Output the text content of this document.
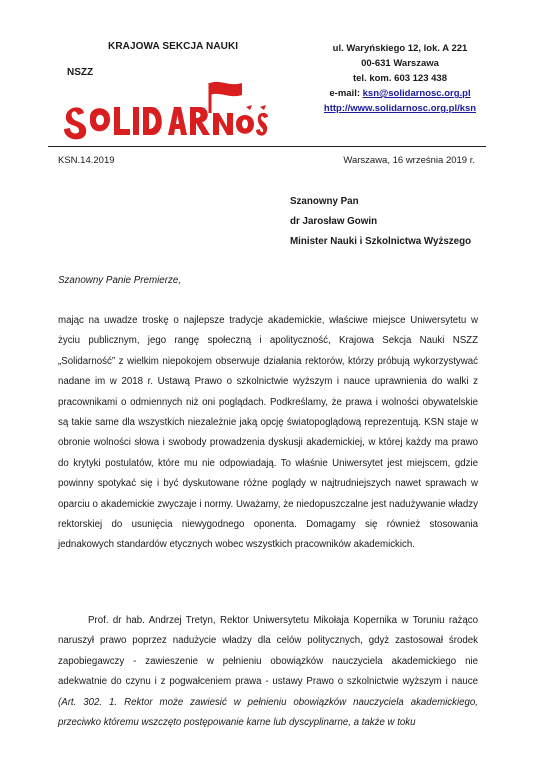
KRAJOWA SEKCJA NAUKI
NSZZ
ul. Waryńskiego 12, lok. A 221
00-631 Warszawa
tel. kom. 603 123 438
e-mail: ksn@solidarnosc.org.pl
http://www.solidarnosc.org.pl/ksn
KSN.14.2019	Warszawa, 16 września 2019 r.
Szanowny Pan
dr Jarosław Gowin
Minister Nauki i Szkolnictwa Wyższego
Szanowny Panie Premierze,

mając na uwadze troskę o najlepsze tradycje akademickie, właściwe miejsce Uniwersytetu w życiu publicznym, jego rangę społeczną i apolityczność, Krajowa Sekcja Nauki NSZZ „Solidarność” z wielkim niepokojem obserwuje działania rektorów, którzy próbują wykorzystywać nadane im w 2018 r. Ustawą Prawo o szkolnictwie wyższym i nauce uprawnienia do walki z pracownikami o odmiennych niż oni poglądach. Podkreślamy, że prawa i wolności obywatelskie są takie same dla wszystkich niezależnie jaką opcję światopoglądową reprezentują. KSN staje w obronie wolności słowa i swobody prowadzenia dyskusji akademickiej, w której każdy ma prawo do krytyki postulatów, które mu nie odpowiadają. To właśnie Uniwersytet jest miejscem, gdzie powinny spotykać się i być dyskutowane różne poglądy w najtrudniejszych nawet sprawach w oparciu o akademickie zwyczaje i normy. Uważamy, że niedopuszczalne jest nadużywanie władzy rektorskiej do usunięcia niewygodnego oponenta. Domagamy się również stosowania jednakowych standardów etycznych wobec wszystkich pracowników akademickich.

Prof. dr hab. Andrzej Tretyn, Rektor Uniwersytetu Mikołaja Kopernika w Toruniu rażąco naruszył prawo poprzez nadużycie władzy dla celów politycznych, gdyż zastosował środek zapobiegawczy - zawieszenie w pełnieniu obowiązków nauczyciela akademickiego nie adekwatnie do czynu i z pogwałceniem prawa - ustawy Prawo o szkolnictwie wyższym i nauce (Art. 302. 1. Rektor może zawiesić w pełnieniu obowiązków nauczyciela akademickiego, przeciwko któremu wszczęto postępowanie karne lub dyscyplinarne, a także w toku
